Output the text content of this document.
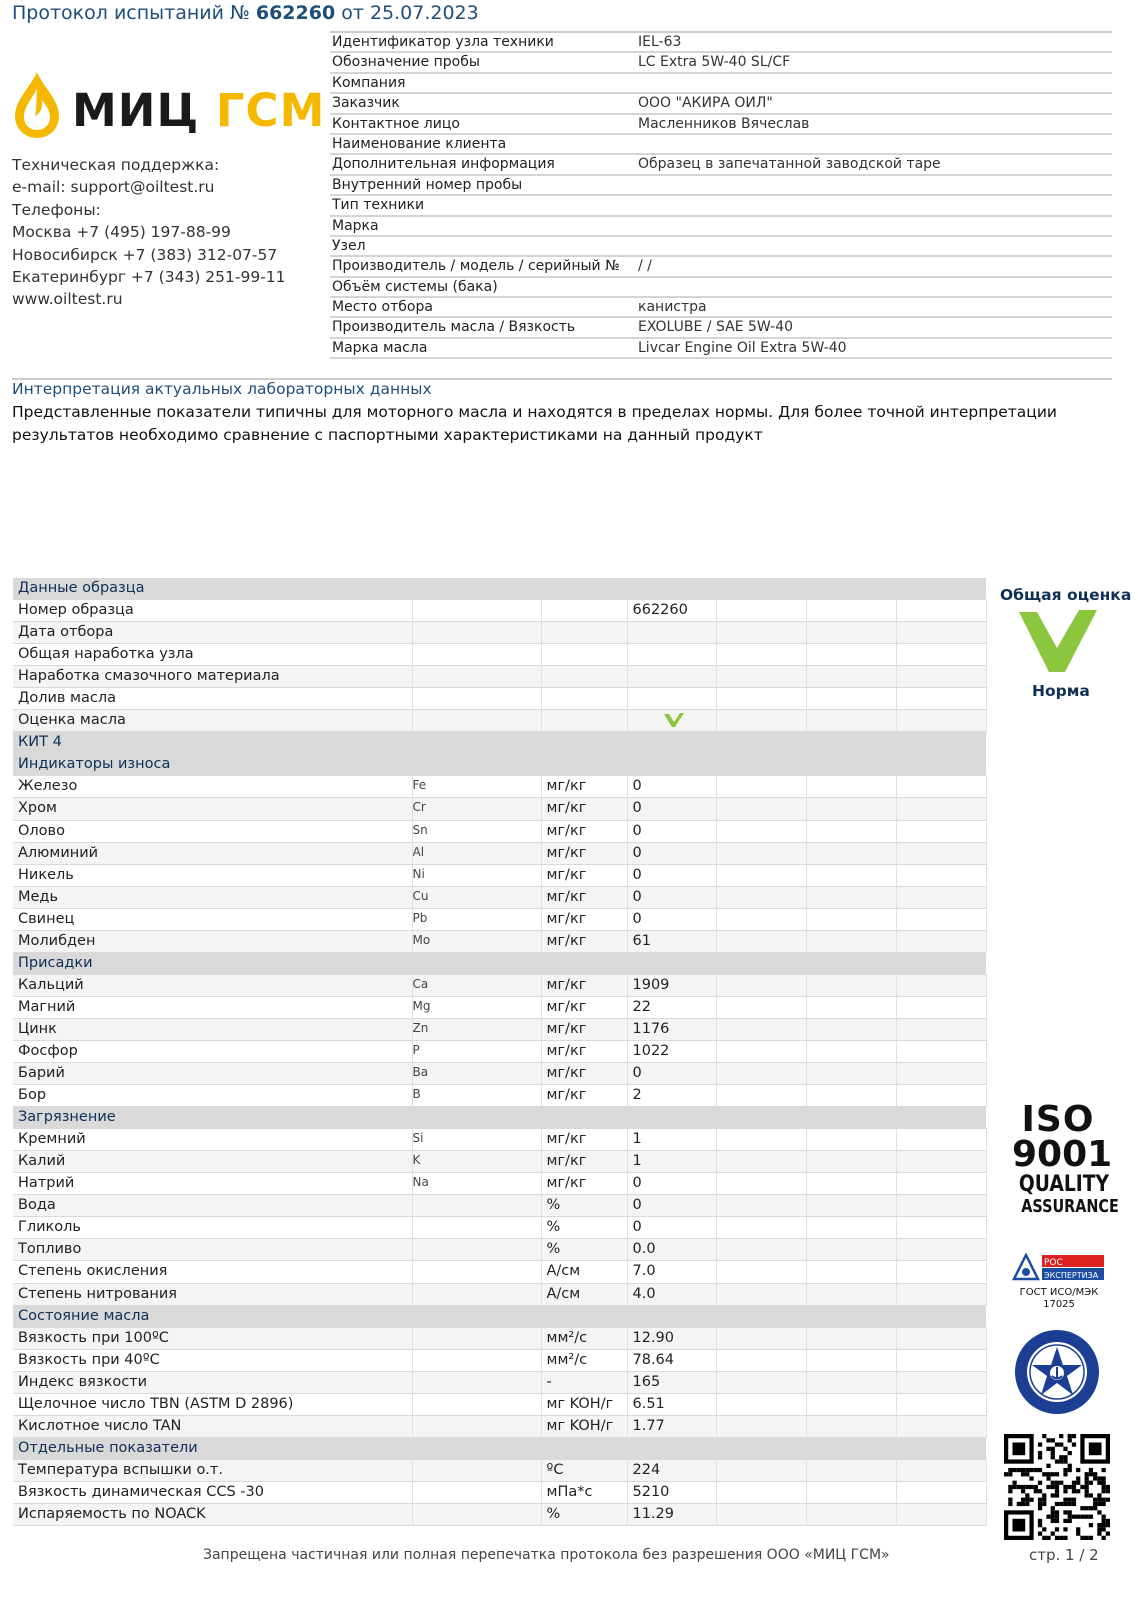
Протокол испытаний № 662260 от 25.07.2023
МИЦ ГСМ
Техническая поддержка:
e-mail: support@oiltest.ru
Телефоны:
Москва +7 (495) 197-88-99
Новосибирск +7 (383) 312-07-57
Екатеринбург +7 (343) 251-99-11
www.oiltest.ru
Идентификатор узла техники	IEL-63
Обозначение пробы	LC Extra 5W-40 SL/CF
Компания
Заказчик	ООО "АКИРА ОИЛ"
Контактное лицо	Масленников Вячеслав
Наименование клиента
Дополнительная информация	Образец в запечатанной заводской таре
Внутренний номер пробы
Тип техники
Марка
Узел
Производитель / модель / серийный №	/ /
Объём системы (бака)
Место отбора	канистра
Производитель масла / Вязкость	EXOLUBE / SAE 5W-40
Марка масла	Livcar Engine Oil Extra 5W-40
Интерпретация актуальных лабораторных данных
Представленные показатели типичны для моторного масла и находятся в пределах нормы. Для более точной интерпретации результатов необходимо сравнение с паспортными характеристиками на данный продукт
Данные образца						
Номер образца			662260			
Дата отбора						
Общая наработка узла						
Наработка смазочного материала						
Долив масла						
Оценка масла						
КИТ 4						
Индикаторы износа						
Железо	Fe	мг/кг	0			
Хром	Cr	мг/кг	0			
Олово	Sn	мг/кг	0			
Алюминий	Al	мг/кг	0			
Никель	Ni	мг/кг	0			
Медь	Cu	мг/кг	0			
Свинец	Pb	мг/кг	0			
Молибден	Mo	мг/кг	61			
Присадки						
Кальций	Ca	мг/кг	1909			
Магний	Mg	мг/кг	22			
Цинк	Zn	мг/кг	1176			
Фосфор	P	мг/кг	1022			
Барий	Ba	мг/кг	0			
Бор	B	мг/кг	2			
Загрязнение						
Кремний	Si	мг/кг	1			
Калий	K	мг/кг	1			
Натрий	Na	мг/кг	0			
Вода		%	0			
Гликоль		%	0			
Топливо		%	0.0			
Степень окисления		A/см	7.0			
Степень нитрования		A/см	4.0			
Состояние масла						
Вязкость при 100ºC		мм²/с	12.90			
Вязкость при 40ºC		мм²/с	78.64			
Индекс вязкости		-	165			
Щелочное число TBN (ASTM D 2896)		мг KOH/г	6.51			
Кислотное число TAN		мг KOH/г	1.77			
Отдельные показатели						
Температура вспышки о.т.		ºC	224			
Вязкость динамическая CCS -30		мПа*с	5210			
Испаряемость по NOACK		%	11.29			
Общая оценка
Норма
ISO
9001
QUALITY
ASSURANCE
РОС
ЭКСПЕРТИЗА
ГОСТ ИСО/МЭК 17025
Запрещена частичная или полная перепечатка протокола без разрешения ООО «МИЦ ГСМ»	стр. 1 / 2
